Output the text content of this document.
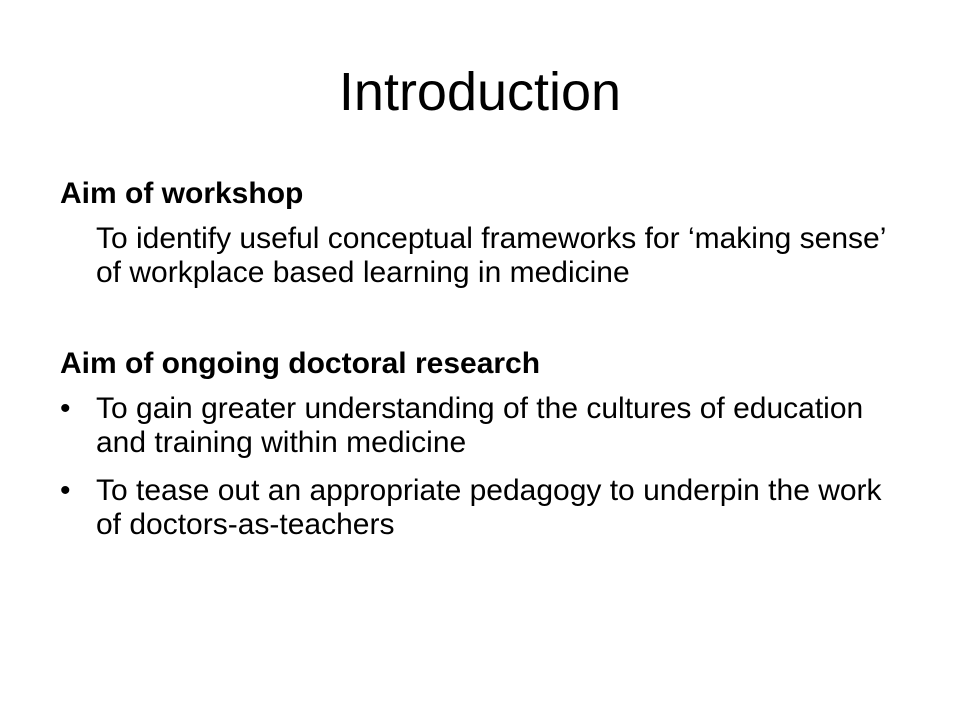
Introduction

Aim of workshop

To identify useful conceptual frameworks for ‘making sense’ of workplace based learning in medicine

Aim of ongoing doctoral research

• To gain greater understanding of the cultures of education and training within medicine
• To tease out an appropriate pedagogy to underpin the work of doctors-as-teachers
